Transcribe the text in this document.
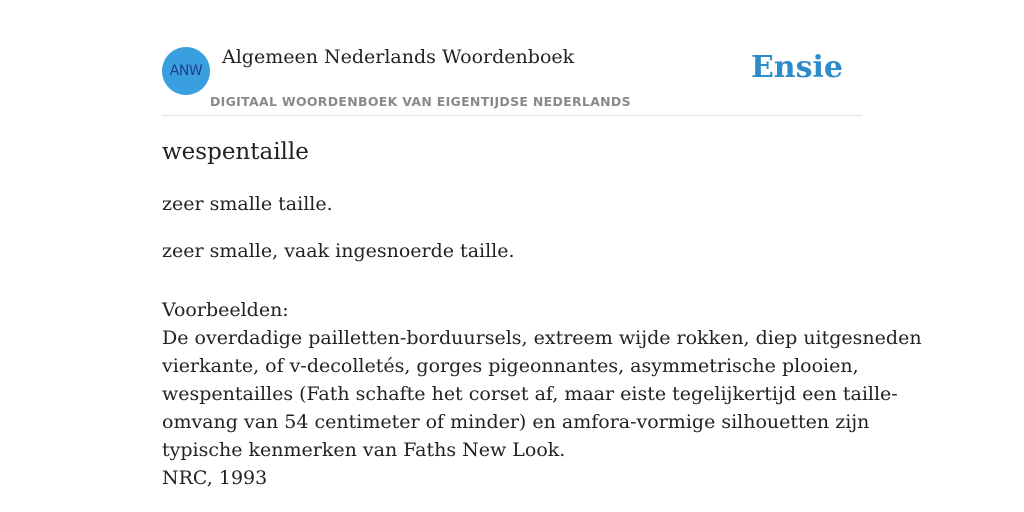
ANW
Algemeen Nederlands Woordenboek
DIGITAAL WOORDENBOEK VAN EIGENTIJDSE NEDERLANDS
Ensie
wespentaille
zeer smalle taille.
zeer smalle, vaak ingesnoerde taille.
Voorbeelden:
De overdadige pailletten-borduursels, extreem wijde rokken, diep uitgesneden
vierkante, of v-decolletés, gorges pigeonnantes, asymmetrische plooien,
wespentailles (Fath schafte het corset af, maar eiste tegelijkertijd een taille-
omvang van 54 centimeter of minder) en amfora-vormige silhouetten zijn
typische kenmerken van Faths New Look.
NRC, 1993
